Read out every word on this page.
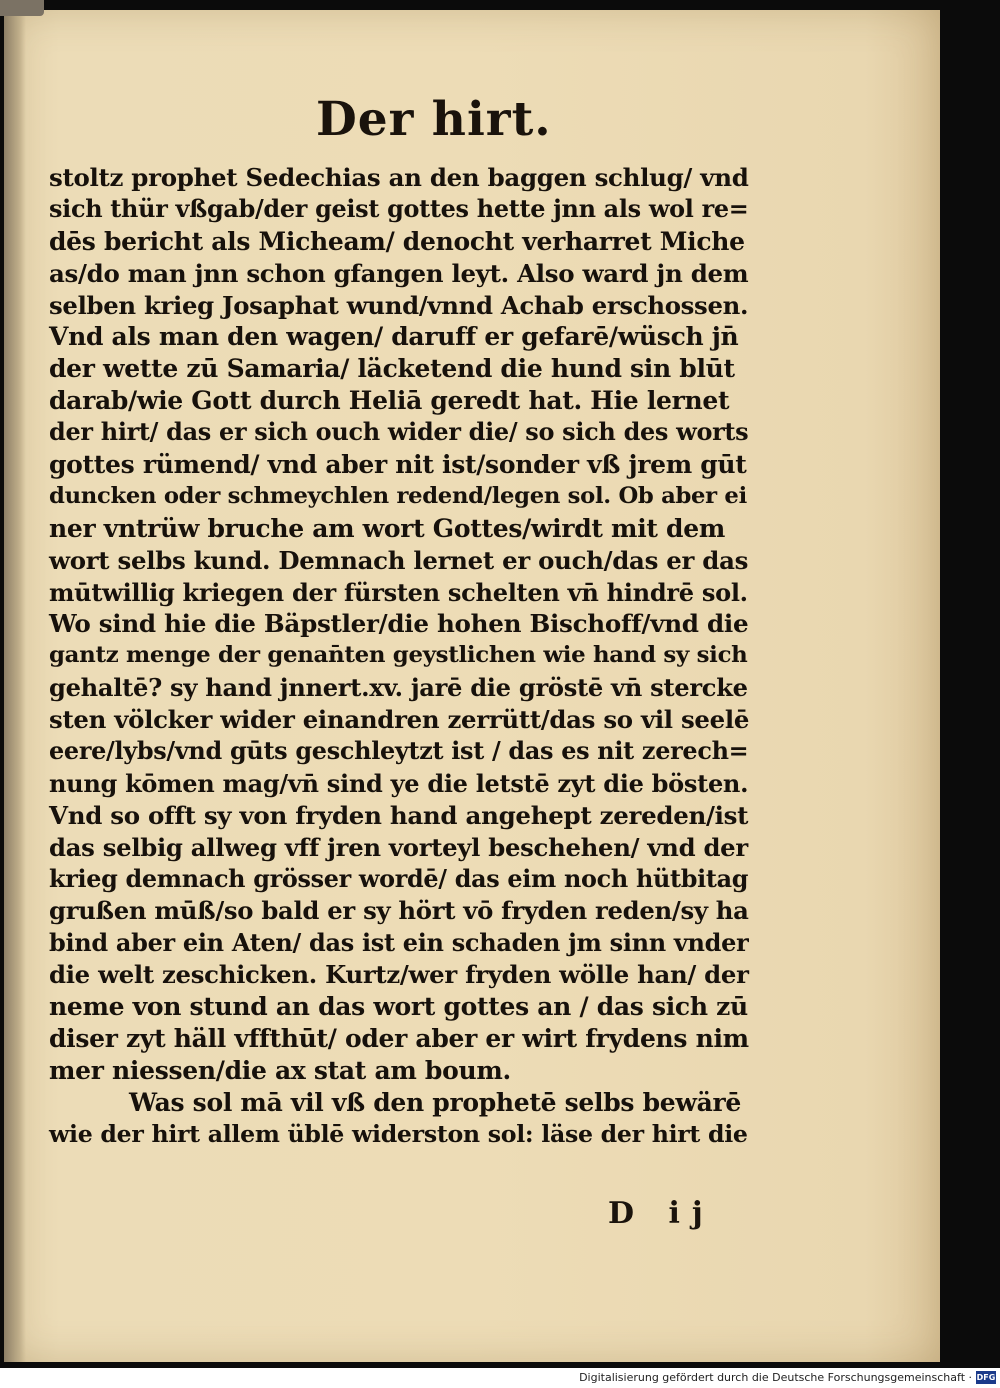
Der hirt.
stoltz prophet Sedechias an den baggen schlug/ vnd
sich thür vßgab/der geist gottes hette jnn als wol re=
dēs bericht als Micheam/ denocht verharret Miche
as/do man jnn schon gfangen leyt. Also ward jn dem
selben krieg Josaphat wund/vnnd Achab erschossen.
Vnd als man den wagen/ daruff er gefarē/wüsch jn̄
der wette zū Samaria/ läcketend die hund sin blūt
darab/wie Gott durch Heliā geredt hat. Hie lernet
der hirt/ das er sich ouch wider die/ so sich des worts
gottes rümend/ vnd aber nit ist/sonder vß jrem gūt
duncken oder schmeychlen redend/legen sol. Ob aber ei
ner vntrüw bruche am wort Gottes/wirdt mit dem
wort selbs kund. Demnach lernet er ouch/das er das
mūtwillig kriegen der fürsten schelten vn̄ hindrē sol.
Wo sind hie die Bäpstler/die hohen Bischoff/vnd die
gantz menge der genan̄ten geystlichen wie hand sy sich
gehaltē? sy hand jnnert.xv. jarē die gröstē vn̄ stercke
sten völcker wider einandren zerrütt/das so vil seelē
eere/lybs/vnd gūts geschleytzt ist / das es nit zerech=
nung kōmen mag/vn̄ sind ye die letstē zyt die bösten.
Vnd so offt sy von fryden hand angehept zereden/ist
das selbig allweg vff jren vorteyl beschehen/ vnd der
krieg demnach grösser wordē/ das eim noch hütbitag
grußen mūß/so bald er sy hört vō fryden reden/sy ha
bind aber ein Aten/ das ist ein schaden jm sinn vnder
die welt zeschicken. Kurtz/wer fryden wölle han/ der
neme von stund an das wort gottes an / das sich zū
diser zyt häll vffthūt/ oder aber er wirt frydens nim
mer niessen/die ax stat am boum.
Was sol mā vil vß den prophetē selbs bewärē
wie der hirt allem üblē widerston sol: läse der hirt die
D ij
Digitalisierung gefördert durch die Deutsche Forschungsgemeinschaft · DFG
